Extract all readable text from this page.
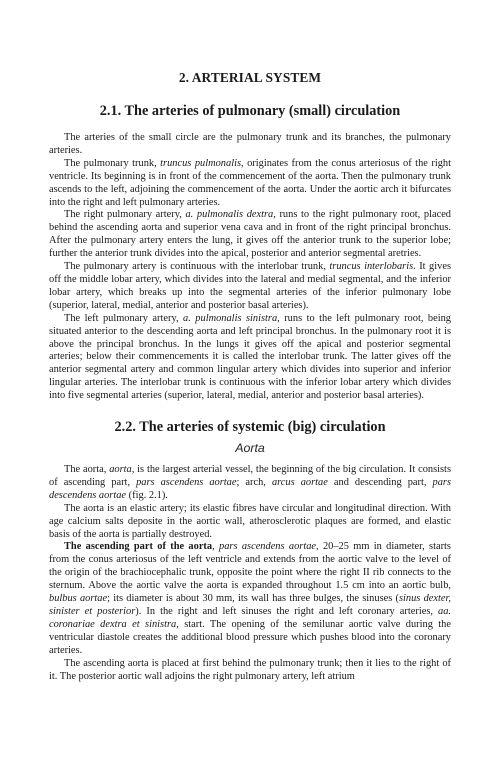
2. ARTERIAL SYSTEM
2.1. The arteries of pulmonary (small) circulation

The arteries of the small circle are the pulmonary trunk and its branches, the pulmonary arteries.

The pulmonary trunk, truncus pulmonalis, originates from the conus arteriosus of the right ventricle. Its beginning is in front of the commencement of the aorta. Then the pulmonary trunk ascends to the left, adjoining the commencement of the aorta. Under the aortic arch it bifurcates into the right and left pulmonary arteries.

The right pulmonary artery, a. pulmonalis dextra, runs to the right pulmonary root, placed behind the ascending aorta and superior vena cava and in front of the right principal bronchus. After the pulmonary artery enters the lung, it gives off the anterior trunk to the superior lobe; further the anterior trunk divides into the apical, posterior and anterior segmental aretries.

The pulmonary artery is continuous with the interlobar trunk, truncus interlobaris. It gives off the middle lobar artery, which divides into the lateral and medial segmental, and the inferior lobar artery, which breaks up into the segmental arteries of the inferior pulmonary lobe (superior, lateral, medial, anterior and posterior basal arteries).

The left pulmonary artery, a. pulmonalis sinistra, runs to the left pulmonary root, being situated anterior to the descending aorta and left principal bronchus. In the pulmonary root it is above the principal bronchus. In the lungs it gives off the apical and posterior segmental arteries; below their commencements it is called the interlobar trunk. The latter gives off the anterior segmental artery and common lingular artery which divides into superior and inferior lingular arteries. The interlobar trunk is continuous with the inferior lobar artery which divides into five segmental arteries (superior, lateral, medial, anterior and posterior basal arteries).

2.2. The arteries of systemic (big) circulation
Aorta

The aorta, aorta, is the largest arterial vessel, the beginning of the big circulation. It consists of ascending part, pars ascendens aortae; arch, arcus aortae and descending part, pars descendens aortae (fig. 2.1).

The aorta is an elastic artery; its elastic fibres have circular and longitudinal direction. With age calcium salts deposite in the aortic wall, atherosclerotic plaques are formed, and elastic basis of the aorta is partially destroyed.

The ascending part of the aorta, pars ascendens aortae, 20–25 mm in diameter, starts from the conus arteriosus of the left ventricle and extends from the aortic valve to the level of the origin of the brachiocephalic trunk, opposite the point where the right II rib connects to the sternum. Above the aortic valve the aorta is expanded throughout 1.5 cm into an aortic bulb, bulbus aortae; its diameter is about 30 mm, its wall has three bulges, the sinuses (sinus dexter, sinister et posterior). In the right and left sinuses the right and left coronary arteries, aa. coronariae dextra et sinistra, start. The opening of the semilunar aortic valve during the ventricular diastole creates the additional blood pressure which pushes blood into the coronary arteries.

The ascending aorta is placed at first behind the pulmonary trunk; then it lies to the right of it. The posterior aortic wall adjoins the right pulmonary artery, left atrium
